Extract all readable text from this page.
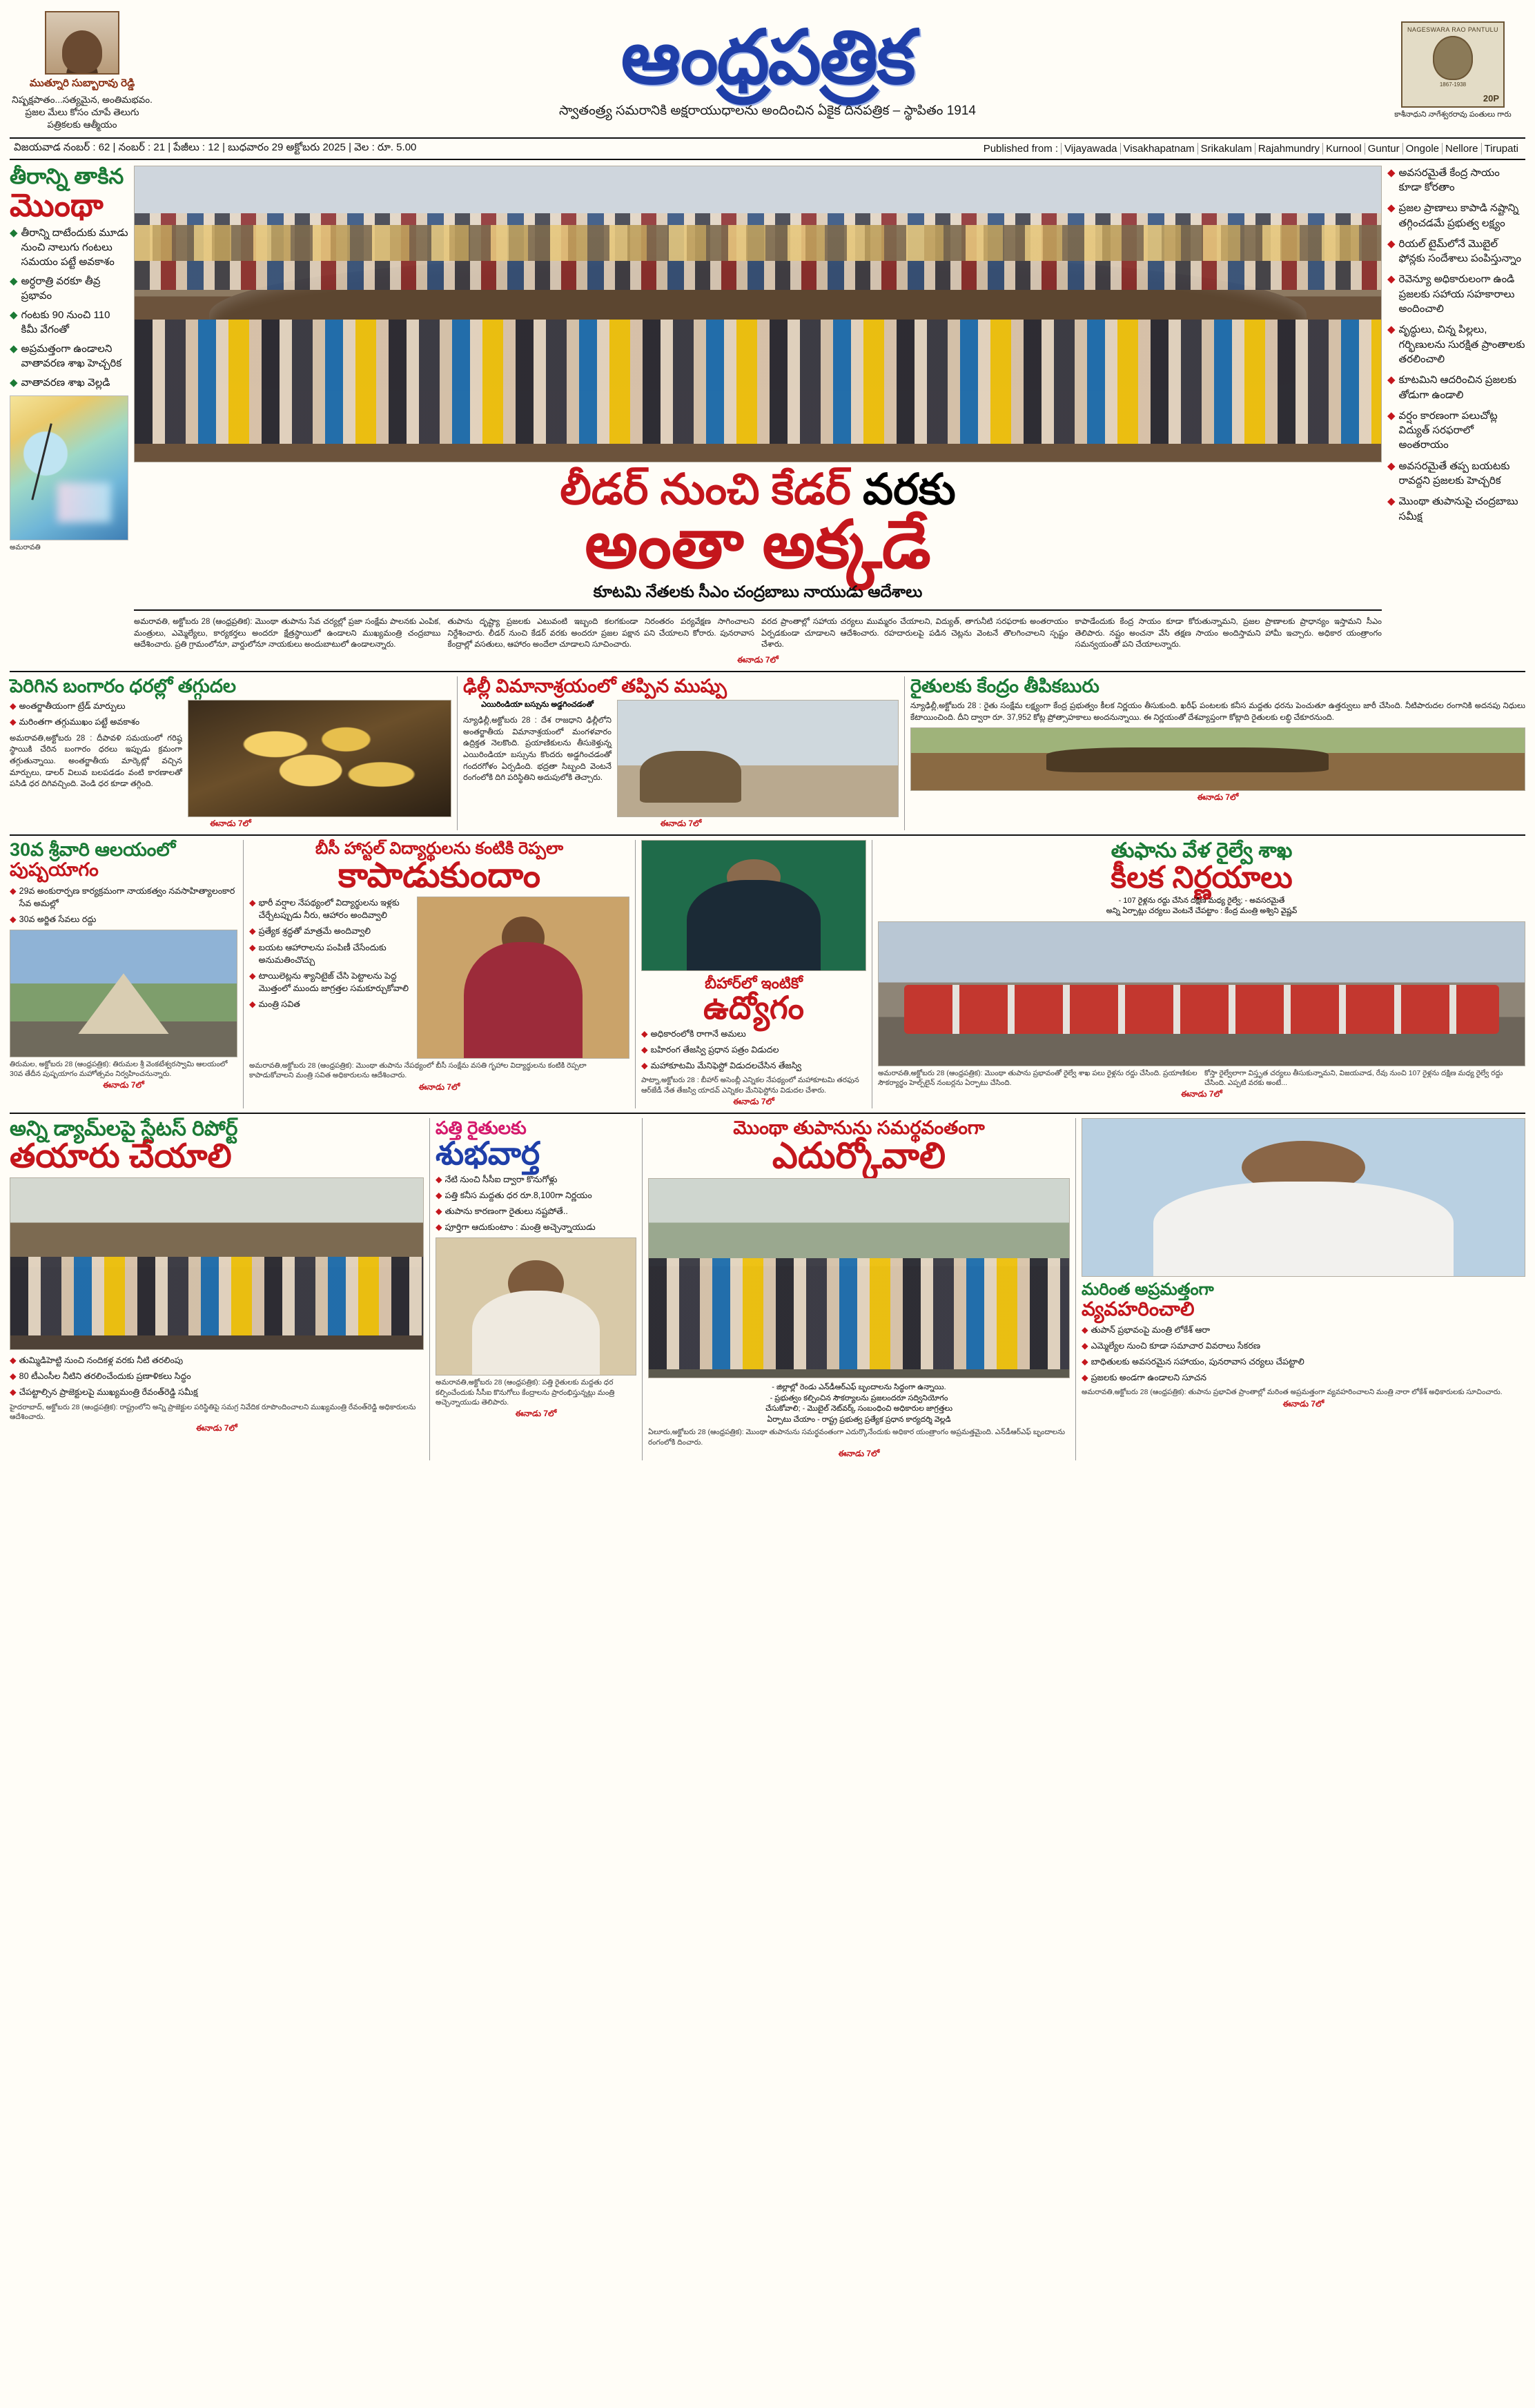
ముత్నూరి సుబ్బారావు రెడ్డి
నిష్పక్షపాతం...సత్యమైన, అంతిమభవం. ప్రజల మేలు కోసం చూపే తెలుగు పత్రికలకు ఆత్మీయం
ఆంధ్రపత్రిక
స్వాతంత్ర్య సమరానికి అక్షరాయుధాలను అందించిన ఏకైక దినపత్రిక – స్థాపితం 1914
NAGESWARA RAO PANTULU
1867-1938
20P
కాశీనాధుని నాగేశ్వరరావు పంతులు గారు
విజయవాడ నంబర్ : 62 | నంబర్ : 21 | పేజీలు : 12 | బుధవారం 29 అక్టోబరు 2025 | వెల : రూ. 5.00	Published from : Vijayawada Visakhapatnam Srikakulam Rajahmundry Kurnool Guntur Ongole Nellore Tirupati
తీరాన్ని తాకిన
మొంథా
◆ తీరాన్ని దాటేందుకు మూడు నుంచి నాలుగు గంటలు సమయం పట్టే అవకాశం
◆ అర్ధరాత్రి వరకూ తీవ్ర ప్రభావం
◆ గంటకు 90 నుంచి 110 కిమీ వేగంతో
◆ అప్రమత్తంగా ఉండాలని వాతావరణ శాఖ హెచ్చరిక
◆ వాతావరణ శాఖ వెల్లడి
అమరావతి
లీడర్ నుంచి కేడర్ వరకు
అంతా అక్కడే
కూటమి నేతలకు సీఎం చంద్రబాబు నాయుడు ఆదేశాలు
అమరావతి, అక్టోబరు 28 (ఆంధ్రప్రతిక): మొంథా తుపాను సేవ చర్యల్లో ప్రజా సంక్షేమ పాలనకు ఎంపిక, మంత్రులు, ఎమ్మెల్యేలు, కార్యకర్తలు అందరూ క్షేత్రస్థాయిలో ఉండాలని ముఖ్యమంత్రి చంద్రబాబు ఆదేశించారు. ప్రతి గ్రామంలోనూ, వార్డులోనూ నాయకులు అందుబాటులో ఉండాలన్నారు.
తుపాను దృష్ట్యా ప్రజలకు ఎటువంటి ఇబ్బంది కలగకుండా నిరంతరం పర్యవేక్షణ సాగించాలని నిర్దేశించారు. లీడర్ నుంచి కేడర్ వరకు అందరూ ప్రజల పక్షాన పని చేయాలని కోరారు. పునరావాస కేంద్రాల్లో వసతులు, ఆహారం అందేలా చూడాలని సూచించారు.
వరద ప్రాంతాల్లో సహాయ చర్యలు ముమ్మరం చేయాలని, విద్యుత్, తాగునీటి సరఫరాకు అంతరాయం ఏర్పడకుండా చూడాలని ఆదేశించారు. రహదారులపై పడిన చెట్లను వెంటనే తొలగించాలని స్పష్టం చేశారు.
కాపాడేందుకు కేంద్ర సాయం కూడా కోరుతున్నామని, ప్రజల ప్రాణాలకు ప్రాధాన్యం ఇస్తామని సీఎం తెలిపారు. నష్టం అంచనా వేసి తక్షణ సాయం అందిస్తామని హామీ ఇచ్చారు. అధికార యంత్రాంగం సమన్వయంతో పని చేయాలన్నారు.
ఈనాడు 7లో
◆ అవసరమైతే కేంద్ర సాయం కూడా కోరతాం
◆ ప్రజల ప్రాణాలు కాపాడి నష్టాన్ని తగ్గించడమే ప్రభుత్వ లక్ష్యం
◆ రియల్ టైమ్‌లోనే మొబైల్ ఫోన్లకు సందేశాలు పంపిస్తున్నాం
◆ రెవెన్యూ అధికారులంగా ఉండి ప్రజలకు సహాయ సహకారాలు అందించాలి
◆ వృద్ధులు, చిన్న పిల్లలు, గర్భిణులను సురక్షిత ప్రాంతాలకు తరలించాలి
◆ కూటమిని ఆదరించిన ప్రజలకు తోడుగా ఉండాలి
◆ వర్షం కారణంగా పలుచోట్ల విద్యుత్ సరఫరాలో అంతరాయం
◆ అవసరమైతే తప్ప బయటకు రావద్దని ప్రజలకు హెచ్చరిక
◆ మొంథా తుపానుపై చంద్రబాబు సమీక్ష
పెరిగిన బంగారం ధరల్లో తగ్గుదల
◆ అంతర్జాతీయంగా ట్రేడ్ మార్పులు
◆ మరింతగా తగ్గుముఖం పట్టే అవకాశం
అమరావతి,అక్టోబరు 28 : దీపావళి సమయంలో గరిష్ఠ స్థాయికి చేరిన బంగారం ధరలు ఇప్పుడు క్రమంగా తగ్గుతున్నాయి. అంతర్జాతీయ మార్కెట్లో వచ్చిన మార్పులు, డాలర్ విలువ బలపడడం వంటి కారణాలతో పసిడి ధర దిగివచ్చింది. వెండి ధర కూడా తగ్గింది.
ఈనాడు 7లో
ఢిల్లీ విమానాశ్రయంలో తప్పిన ముష్పు
ఎయిరిండియా బస్సును అడ్డగించడంతో
న్యూఢిల్లీ,అక్టోబరు 28 : దేశ రాజధాని ఢిల్లీలోని అంతర్జాతీయ విమానాశ్రయంలో మంగళవారం ఉద్రిక్తత నెలకొంది. ప్రయాణికులను తీసుకెళ్తున్న ఎయిరిండియా బస్సును కొందరు అడ్డగించడంతో గందరగోళం ఏర్పడింది. భద్రతా సిబ్బంది వెంటనే రంగంలోకి దిగి పరిస్థితిని అదుపులోకి తెచ్చారు.
ఈనాడు 7లో
రైతులకు కేంద్రం తీపికబురు
న్యూఢిల్లీ,అక్టోబరు 28 : రైతు సంక్షేమ లక్ష్యంగా కేంద్ర ప్రభుత్వం కీలక నిర్ణయం తీసుకుంది. ఖరీఫ్ పంటలకు కనీస మద్దతు ధరను పెంచుతూ ఉత్తర్వులు జారీ చేసింది. నీటిపారుదల రంగానికి అదనపు నిధులు కేటాయించింది. దీని ద్వారా రూ. 37,952 కోట్ల ప్రోత్సాహకాలు అందనున్నాయి. ఈ నిర్ణయంతో దేశవ్యాప్తంగా కోట్లాది రైతులకు లబ్ధి చేకూరనుంది.
ఈనాడు 7లో
30వ శ్రీవారి ఆలయంలో
పుష్పయాగం
◆ 29వ అంకురార్పణ కార్యక్రమంగా నాయకత్వం నవసాహిత్యాలంకార సేవ అమల్లో
◆ 30వ అర్జిత సేవలు రద్దు
తిరుమల, అక్టోబరు 28 (ఆంధ్రపత్రిక): తిరుమల శ్రీ వెంకటేశ్వరస్వామి ఆలయంలో 30వ తేదీన పుష్పయాగం మహోత్సవం నిర్వహించనున్నారు.
ఈనాడు 7లో
బీసీ హాస్టల్ విద్యార్థులను కంటికి రెప్పలా
కాపాడుకుందాం
◆ భారీ వర్షాల నేపథ్యంలో విద్యార్థులను ఇళ్లకు చేర్చేటప్పుడు నీరు, ఆహారం అందివ్వాలి
◆ ప్రత్యేక శ్రద్ధతో మాత్రమే అందివ్వాలి
◆ బయట ఆహారాలను పంపిణీ చేసేందుకు అనుమతించొచ్చు
◆ టాయిలెట్లను శ్యానిటైజ్ చేసి పెట్టాలను పెద్ద మొత్తంలో ముందు జాగ్రత్తల సమకూర్చుకోవాలి
◆ మంత్రి సవిత
అమరావతి,అక్టోబరు 28 (ఆంధ్రపత్రిక): మొంథా తుపాను నేపథ్యంలో బీసీ సంక్షేమ వసతి గృహాల విద్యార్థులను కంటికి రెప్పలా కాపాడుకోవాలని మంత్రి సవిత అధికారులను ఆదేశించారు.
ఈనాడు 7లో
బీహార్‌లో ఇంటికో
ఉద్యోగం
◆ అధికారంలోకి రాగానే అమలు
◆ బహిరంగ తేజస్వి ప్రధాన పత్రం విడుదల
◆ మహాకూటమి మేనిఫెస్టో విడుదలచేసిన తేజస్వి
పాట్నా,అక్టోబరు 28 : బీహార్ అసెంబ్లీ ఎన్నికల నేపథ్యంలో మహాకూటమి తరఫున ఆర్‌జేడీ నేత తేజస్వి యాదవ్ ఎన్నికల మేనిఫెస్టోను విడుదల చేశారు.
ఈనాడు 7లో
తుఫాను వేళ రైల్వే శాఖ
కీలక నిర్ణయాలు
- 107 రైళ్లను రద్దు చేసిన దక్షిణ మధ్య రైల్వే; - అవసరమైతే
అన్ని ఏర్పాట్లు చర్యలు వెంటనే చేపట్టాం : కేంద్ర మంత్రి అశ్విని వైష్ణవ్
అమరావతి,అక్టోబరు 28 (ఆంధ్రపత్రిక): మొంథా తుపాను ప్రభావంతో రైల్వే శాఖ పలు రైళ్లను రద్దు చేసింది. ప్రయాణికుల సౌకర్యార్థం హెల్ప్‌లైన్ నంబర్లను ఏర్పాటు చేసింది.
కోస్తా రైల్వేలాగా విస్తృత చర్యలు తీసుకున్నామని, విజయవాడ, రేవు నుంచి 107 రైళ్లను దక్షిణ మధ్య రైల్వే రద్దు చేసింది. ఎప్పటి వరకు అంటే...
ఈనాడు 7లో
అన్ని డ్యామ్‌లపై స్టేటస్ రిపోర్ట్
తయారు చేయాలి
◆ తుమ్మిడిహెట్టి నుంచి నందికళ్ల వరకు నీటి తరలింపు
◆ 80 టీఎంసీల నీటిని తరలించేందుకు ప్రణాళికలు సిద్ధం
◆ చేపట్టాల్సిన ప్రాజెక్టులపై ముఖ్యమంత్రి రేవంత్‌రెడ్డి సమీక్ష
హైదరాబాద్, అక్టోబరు 28 (ఆంధ్రపత్రిక): రాష్ట్రంలోని అన్ని ప్రాజెక్టుల పరిస్థితిపై సమగ్ర నివేదిక రూపొందించాలని ముఖ్యమంత్రి రేవంత్‌రెడ్డి అధికారులను ఆదేశించారు.
ఈనాడు 7లో
పత్తి రైతులకు
శుభవార్త
◆ నేటి నుంచి సీసీఐ ద్వారా కొనుగోళ్లు
◆ పత్తి కనీస మద్దతు ధర రూ.8,100గా నిర్ణయం
◆ తుపాను కారణంగా రైతులు నష్టపోతే..
◆ పూర్తిగా ఆదుకుంటాం : మంత్రి అచ్చెన్నాయుడు
అమరావతి,అక్టోబరు 28 (ఆంధ్రపత్రిక): పత్తి రైతులకు మద్దతు ధర కల్పించేందుకు సీసీఐ కొనుగోలు కేంద్రాలను ప్రారంభిస్తున్నట్లు మంత్రి అచ్చెన్నాయుడు తెలిపారు.
ఈనాడు 7లో
మొంథా తుపానును సమర్థవంతంగా
ఎదుర్కోవాలి
- జిల్లాల్లో రెండు ఎన్‌డీఆర్‌ఎఫ్ బృందాలను సిద్ధంగా ఉన్నాయి.
- ప్రభుత్వం కల్పించిన సౌకర్యాలను ప్రజలందరూ సద్వినియోగం
చేసుకోవాలి; - మొబైల్ నెట్‌వర్క్ సంబంధించి అధికారుల జాగ్రత్తలు
ఏర్పాటు చేయాం - రాష్ట్ర ప్రభుత్వ ప్రత్యేక ప్రధాన కార్యదర్శి వెల్లడి
ఏలూరు,అక్టోబరు 28 (ఆంధ్రపత్రిక): మొంథా తుపానును సమర్థవంతంగా ఎదుర్కొనేందుకు అధికార యంత్రాంగం అప్రమత్తమైంది. ఎన్‌డీఆర్‌ఎఫ్ బృందాలను రంగంలోకి దించారు.
ఈనాడు 7లో
మరింత అప్రమత్తంగా
వ్యవహరించాలి
◆ తుపాన్ ప్రభావంపై మంత్రి లోకేశ్ ఆరా
◆ ఎమ్మెల్యేల నుంచి కూడా సమాచార వివరాలు సేకరణ
◆ బాధితులకు అవసరమైన సహాయం, పునరావాస చర్యలు చేపట్టాలి
◆ ప్రజలకు అండగా ఉండాలని సూచన
అమరావతి,అక్టోబరు 28 (ఆంధ్రపత్రిక): తుపాను ప్రభావిత ప్రాంతాల్లో మరింత అప్రమత్తంగా వ్యవహరించాలని మంత్రి నారా లోకేశ్ అధికారులకు సూచించారు.
ఈనాడు 7లో
